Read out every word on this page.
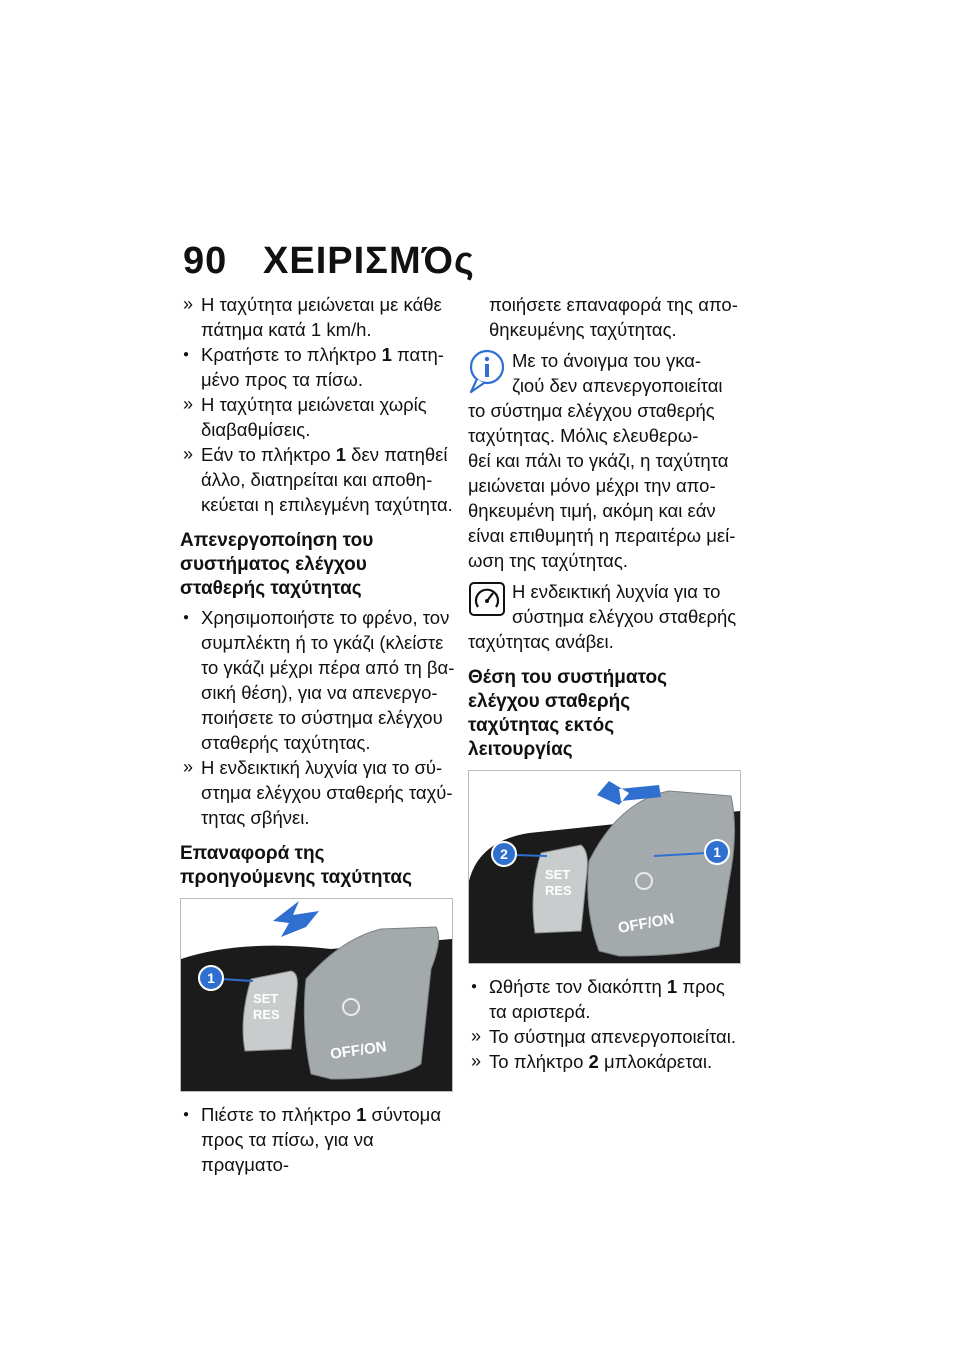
90 ΧΕΙΡΙΣΜΌς
»
Η ταχύτητα μειώνεται με κάθε
πάτημα κατά 1 km/h.
●
Κρατήστε το πλήκτρο 1 πατη-
μένο προς τα πίσω.
»
Η ταχύτητα μειώνεται χωρίς
διαβαθμίσεις.
»
Εάν το πλήκτρο 1 δεν πατηθεί
άλλο, διατηρείται και αποθη-
κεύεται η επιλεγμένη ταχύτητα.
Απενεργοποίηση του
συστήματος ελέγχου
σταθερής ταχύτητας
●
Χρησιμοποιήστε το φρένο, τον
συμπλέκτη ή το γκάζι (κλείστε
το γκάζι μέχρι πέρα από τη βα-
σική θέση), για να απενεργο-
ποιήσετε το σύστημα ελέγχου
σταθερής ταχύτητας.
»
Η ενδεικτική λυχνία για το σύ-
στημα ελέγχου σταθερής ταχύ-
τητας σβήνει.
Επαναφορά της
προηγούμενης ταχύτητας
SET
RES
OFF/ON
1
●
Πιέστε το πλήκτρο 1 σύντομα
προς τα πίσω, για να πραγματο-
ποιήσετε επαναφορά της απο-
θηκευμένης ταχύτητας.

Με το άνοιγμα του γκα-
ζιού δεν απενεργοποιείται
το σύστημα ελέγχου σταθερής
ταχύτητας. Μόλις ελευθερω-
θεί και πάλι το γκάζι, η ταχύτητα
μειώνεται μόνο μέχρι την απο-
θηκευμένη τιμή, ακόμη και εάν
είναι επιθυμητή η περαιτέρω μεί-
ωση της ταχύτητας.

Η ενδεικτική λυχνία για το
σύστημα ελέγχου σταθερής
ταχύτητας ανάβει.

Θέση του συστήματος
ελέγχου σταθερής
ταχύτητας εκτός
λειτουργίας
SET
RES
OFF/ON
1
2
●
Ωθήστε τον διακόπτη 1 προς
τα αριστερά.
»
Το σύστημα απενεργοποιείται.
»
Το πλήκτρο 2 μπλοκάρεται.
